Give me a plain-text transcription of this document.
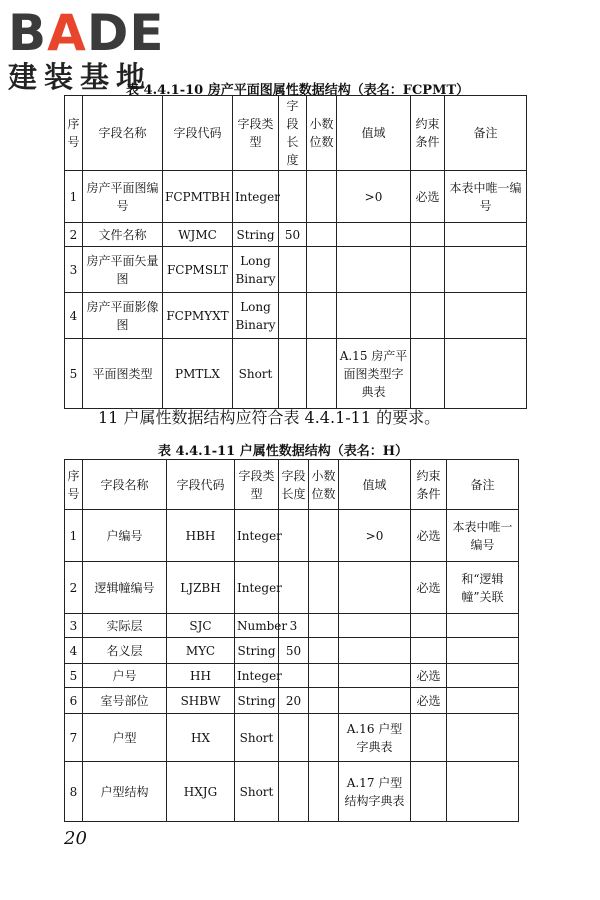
BADE
建装基地
表 4.4.1-10 房产平面图属性数据结构（表名：FCPMT）
序号	字段名称	字段代码	字段类型	字段长度	小数位数	值域	约束条件	备注
1	房产平面图编号	FCPMTBH	Integer			>0	必选	本表中唯一编号
2	文件名称	WJMC	String	50				
3	房产平面矢量图	FCPMSLT	Long Binary					
4	房产平面影像图	FCPMYXT	Long Binary					
5	平面图类型	PMTLX	Short			A.15 房产平面图类型字典表		
11 户属性数据结构应符合表 4.4.1-11 的要求。
表 4.4.1-11 户属性数据结构（表名：H）
序号	字段名称	字段代码	字段类型	字段长度	小数位数	值域	约束条件	备注
1	户编号	HBH	Integer			>0	必选	本表中唯一编号
2	逻辑幢编号	LJZBH	Integer				必选	和“逻辑幢”关联
3	实际层	SJC	Number	3				
4	名义层	MYC	String	50				
5	户号	HH	Integer				必选	
6	室号部位	SHBW	String	20			必选	
7	户型	HX	Short			A.16 户型字典表		
8	户型结构	HXJG	Short			A.17 户型结构字典表		
20
